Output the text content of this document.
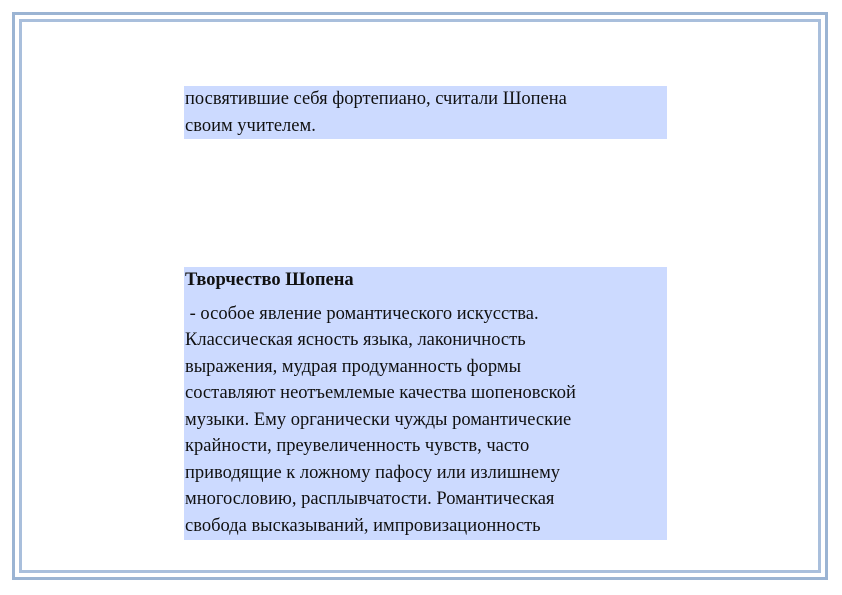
посвятившие себя фортепиано, считали Шопена
своим учителем.
Творчество Шопена
- особое явление романтического искусства.
Классическая ясность языка, лаконичность
выражения, мудрая продуманность формы
составляют неотъемлемые качества шопеновской
музыки. Ему органически чужды романтические
крайности, преувеличенность чувств, часто
приводящие к ложному пафосу или излишнему
многословию, расплывчатости. Романтическая
свобода высказываний, импровизационность
